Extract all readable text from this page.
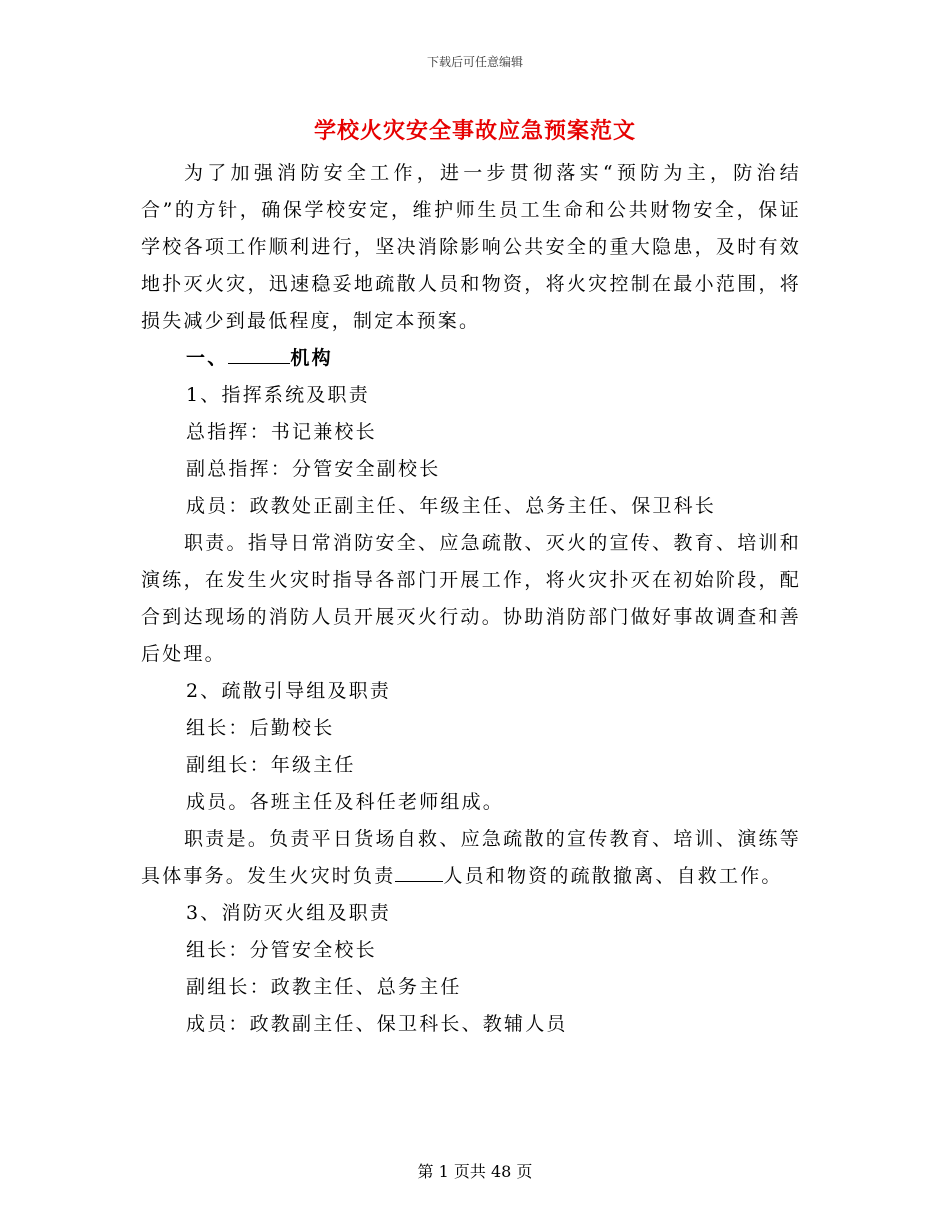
下载后可任意编辑
学校火灾安全事故应急预案范文

为了加强消防安全工作，进一步贯彻落实“预防为主，防治结合”的方针，确保学校安定，维护师生员工生命和公共财物安全，保证学校各项工作顺利进行，坚决消除影响公共安全的重大隐患，及时有效地扑灭火灾，迅速稳妥地疏散人员和物资，将火灾控制在最小范围，将损失减少到最低程度，制定本预案。

一、	机构

1、指挥系统及职责

总指挥：书记兼校长

副总指挥：分管安全副校长

成员：政教处正副主任、年级主任、总务主任、保卫科长

职责。指导日常消防安全、应急疏散、灭火的宣传、教育、培训和演练，在发生火灾时指导各部门开展工作，将火灾扑灭在初始阶段，配合到达现场的消防人员开展灭火行动。协助消防部门做好事故调查和善后处理。

2、疏散引导组及职责

组长：后勤校长

副组长：年级主任

成员。各班主任及科任老师组成。

职责是。负责平日货场自救、应急疏散的宣传教育、培训、演练等具体事务。发生火灾时负责	人员和物资的疏散撤离、自救工作。

3、消防灭火组及职责

组长：分管安全校长

副组长：政教主任、总务主任

成员：政教副主任、保卫科长、教辅人员

第 1 页共 48 页
